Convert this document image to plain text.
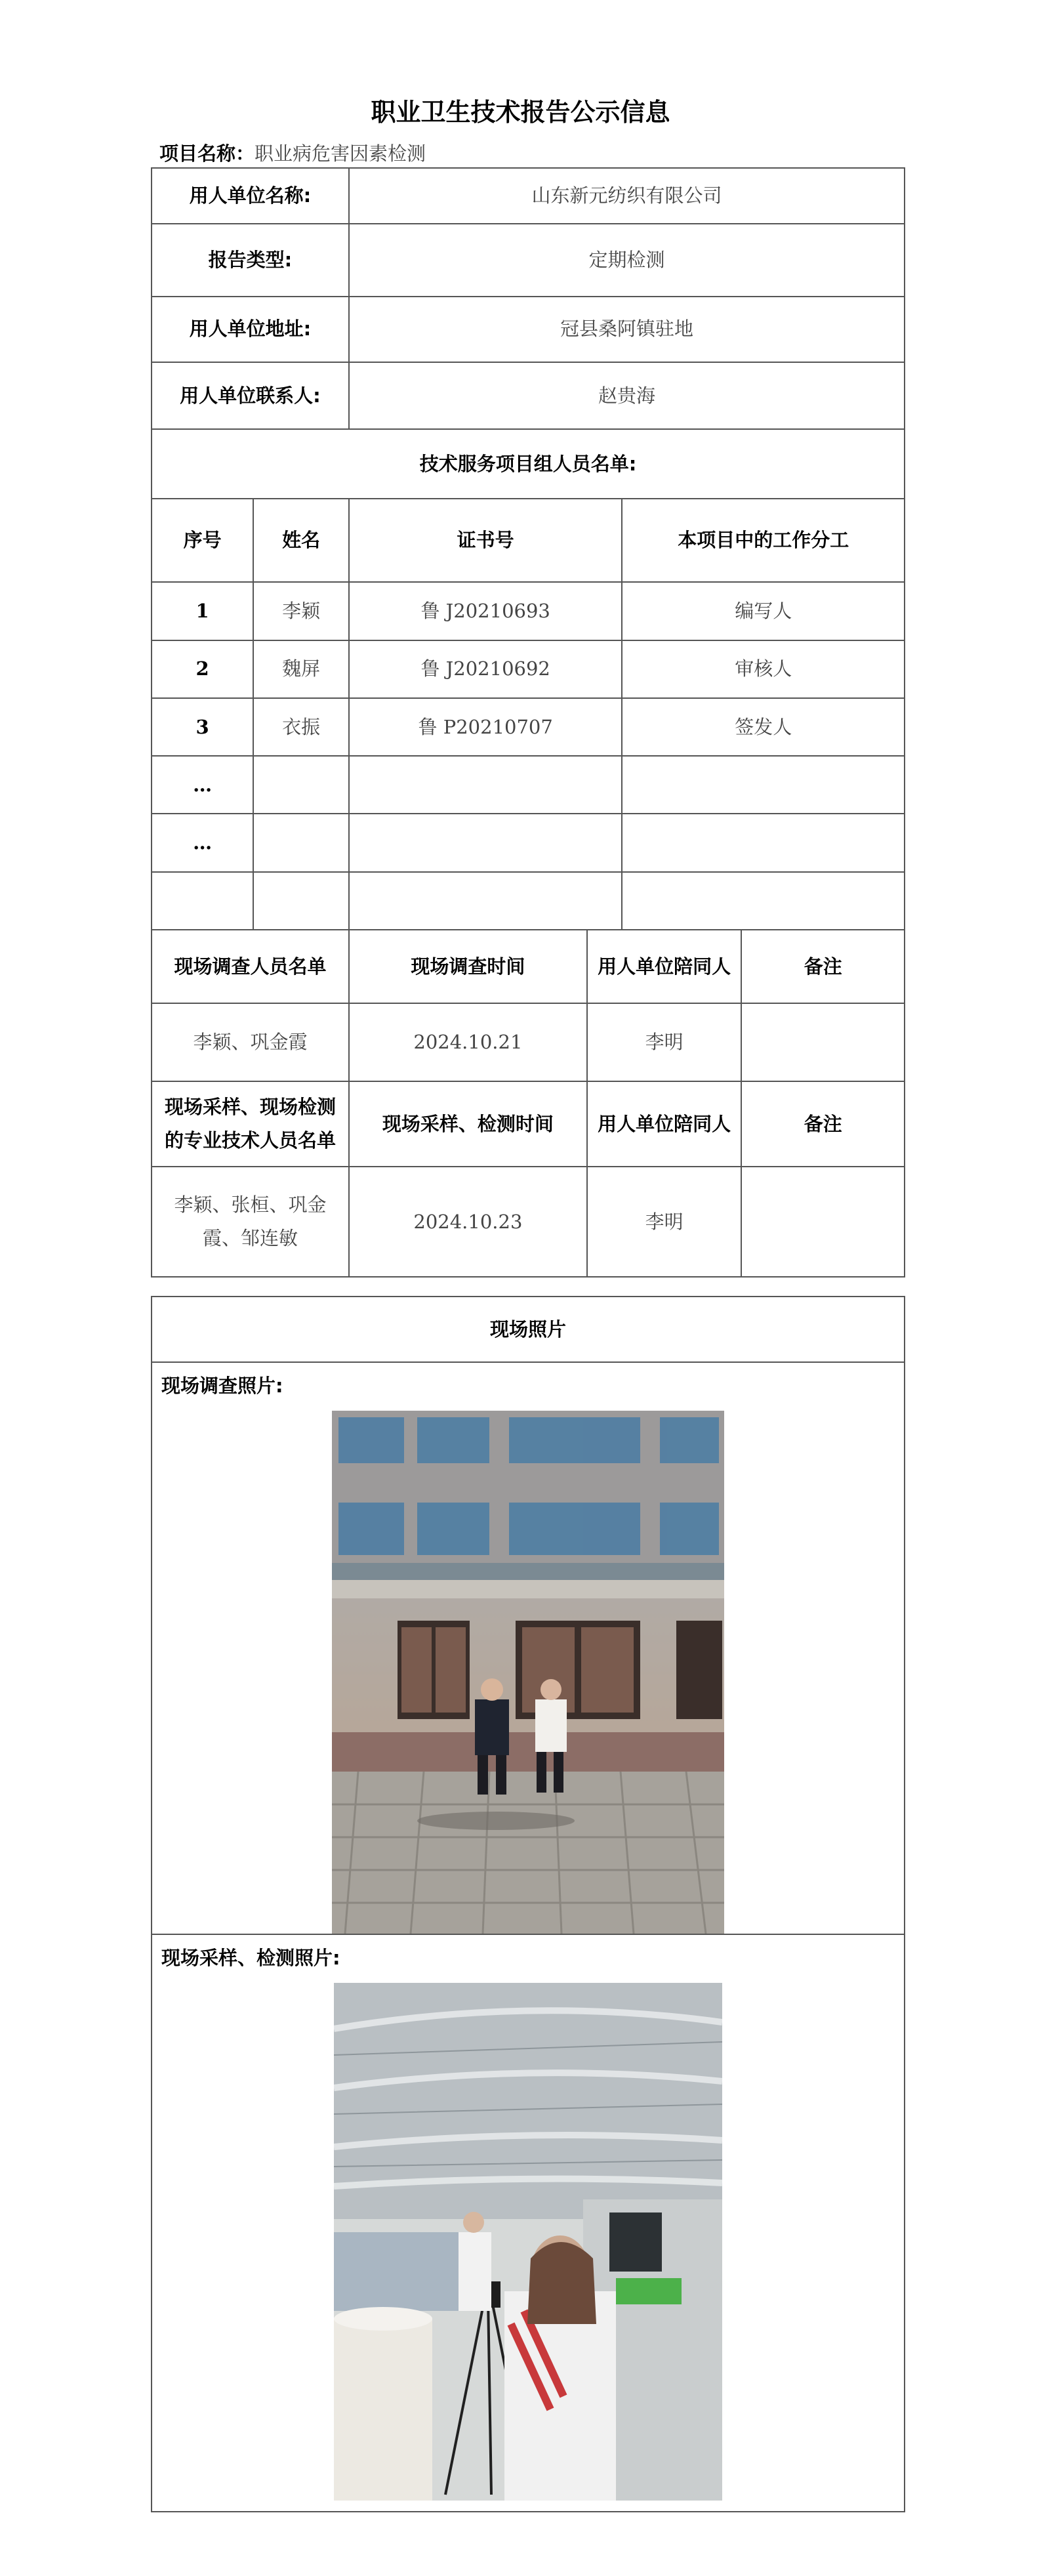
职业卫生技术报告公示信息
项目名称：职业病危害因素检测
用人单位名称:		山东新元纺织有限公司			
报告类型:		定期检测			
用人单位地址:		冠县桑阿镇驻地			
用人单位联系人:		赵贵海			
技术服务项目组人员名单:					
序号	姓名	证书号		本项目中的工作分工	
1	李颖	鲁 J20210693		编写人	
2	魏屏	鲁 J20210692		审核人	
3	衣振	鲁 P20210707		签发人	
…					
…					

现场调查人员名单		现场调查时间	用人单位陪同人		备注
李颖、巩金霞		2024.10.21	李明		
现场采样、现场检测的专业技术人员名单		现场采样、检测时间	用人单位陪同人		备注
李颖、张桓、巩金霞、邹连敏		2024.10.23	李明		
现场照片

现场调查照片:

现场采样、检测照片:
